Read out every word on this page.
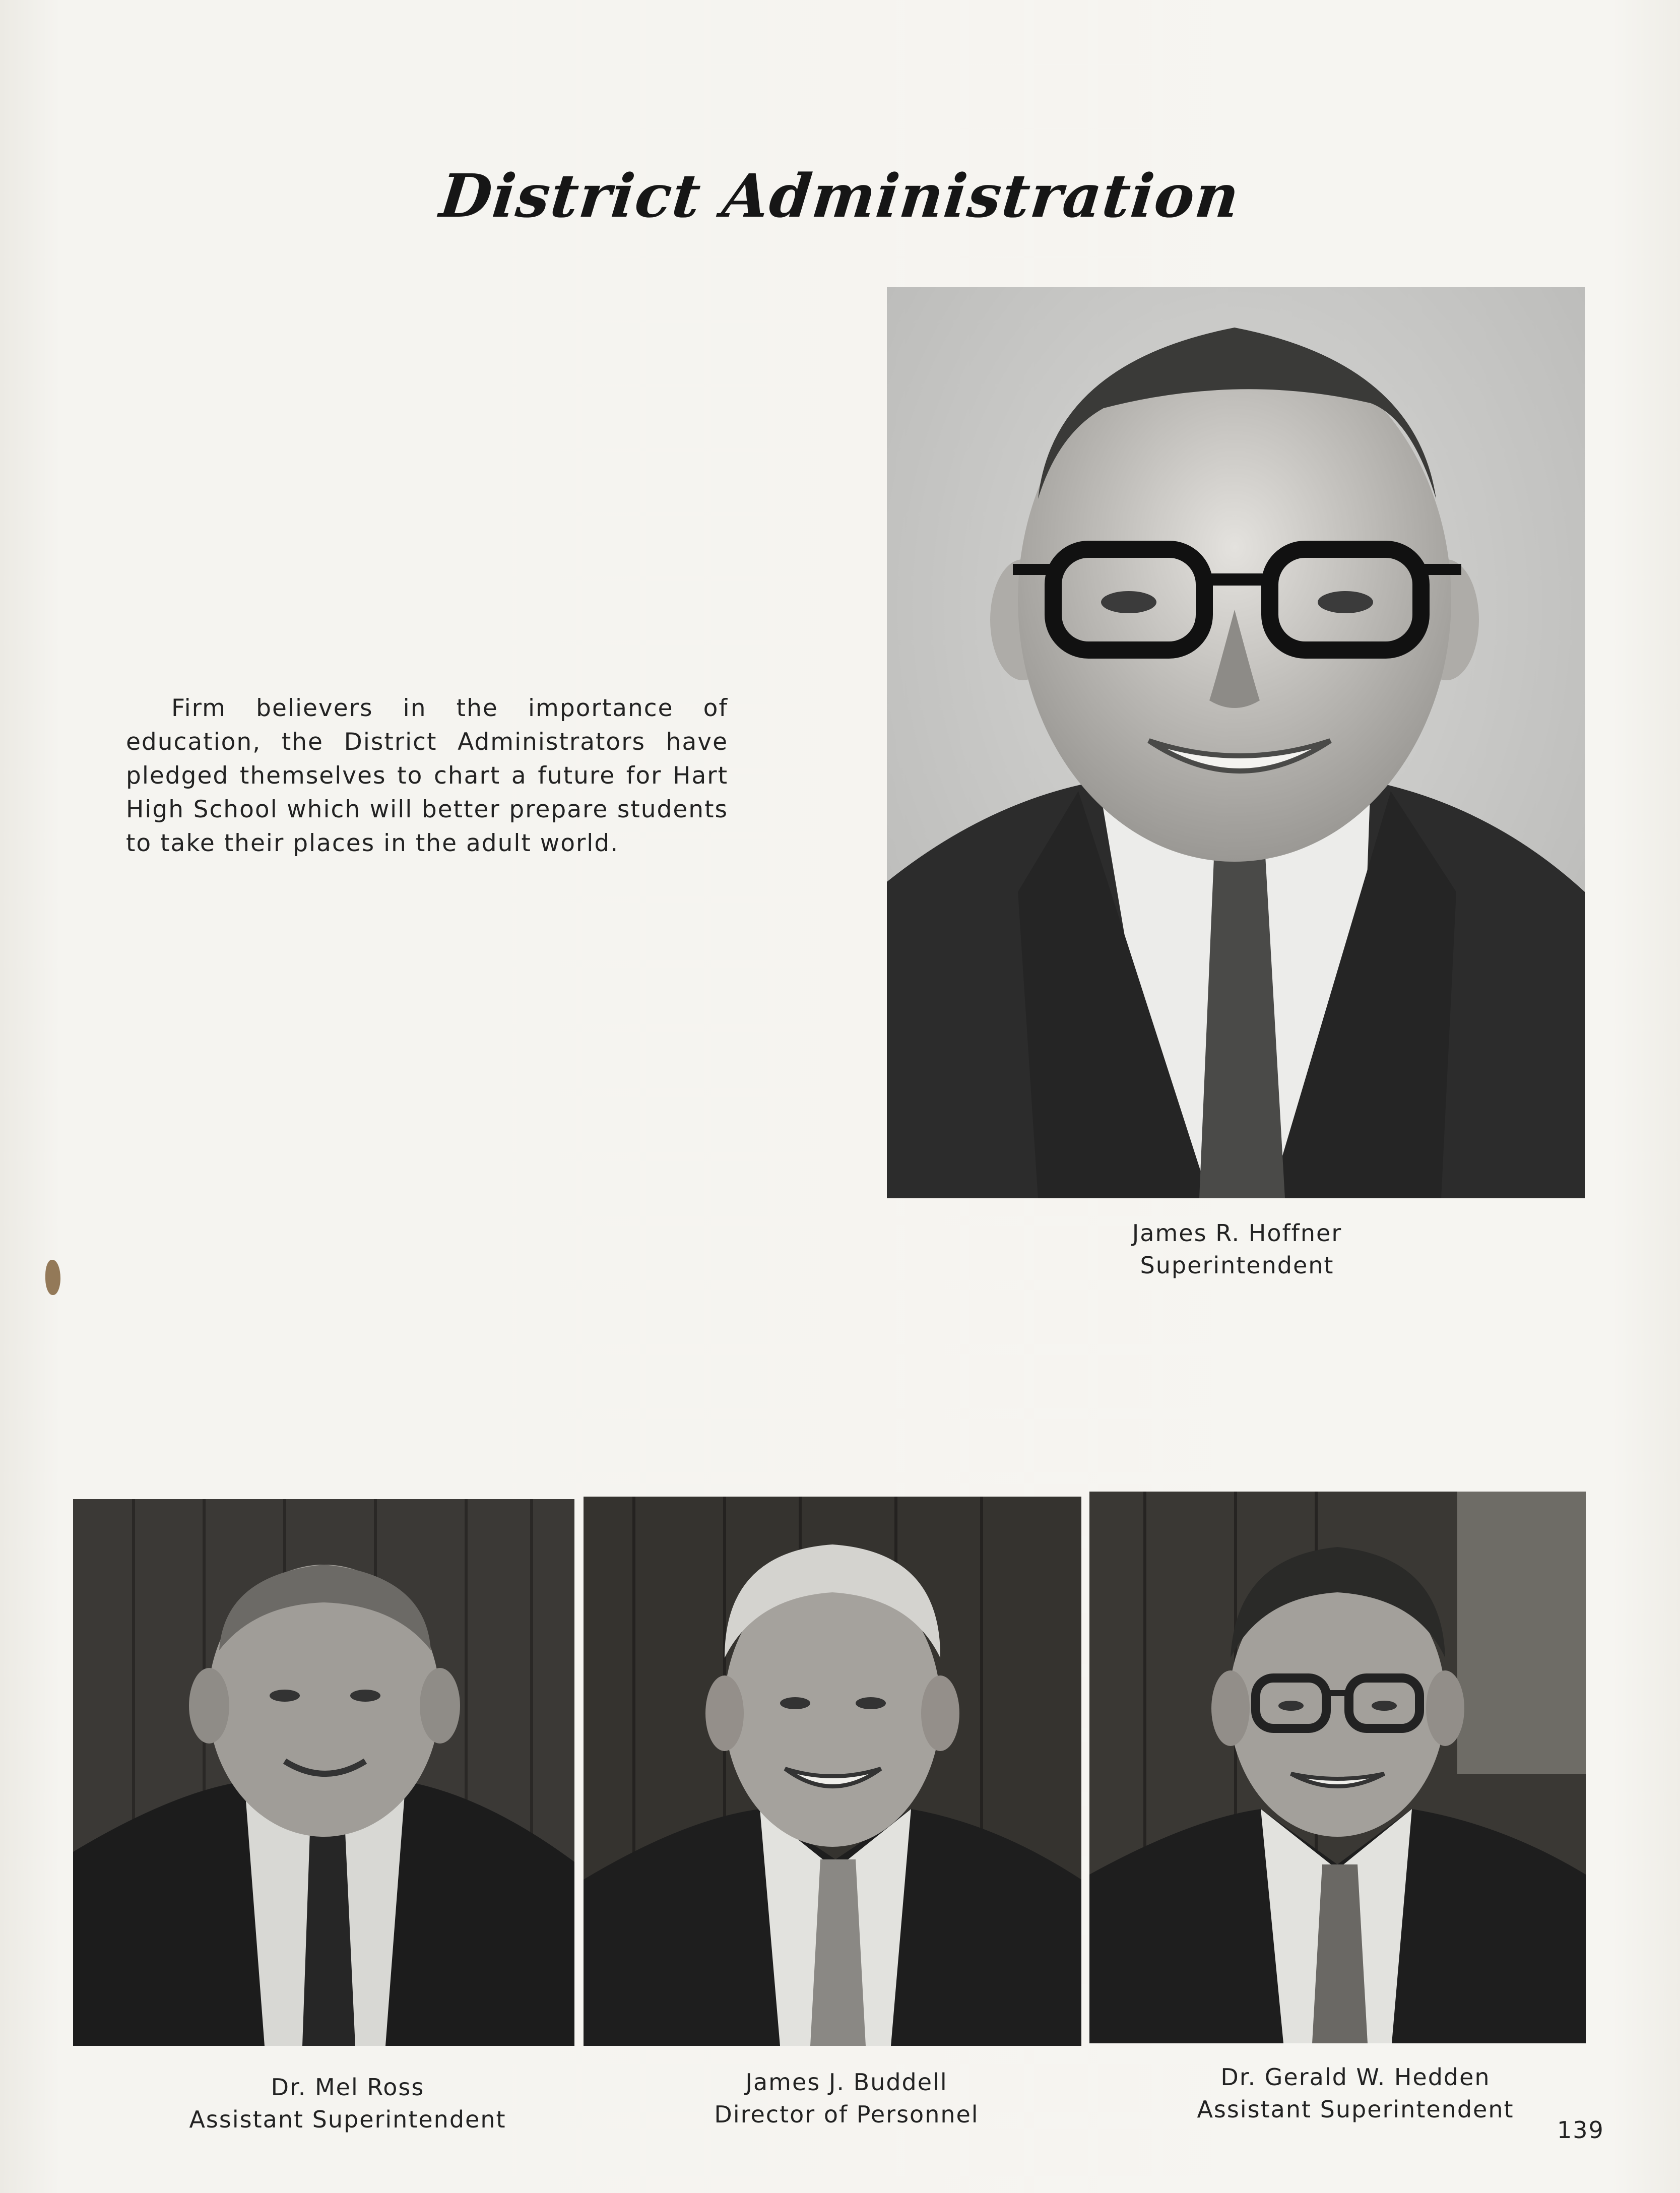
District Administration

Firm believers in the importance of education, the District Administrators have pledged themselves to chart a future for Hart High School which will better prepare students to take their places in the adult world.

James R. Hoffner
Superintendent
Dr. Mel Ross
Assistant Superintendent
James J. Buddell
Director of Personnel
Dr. Gerald W. Hedden
Assistant Superintendent
139
